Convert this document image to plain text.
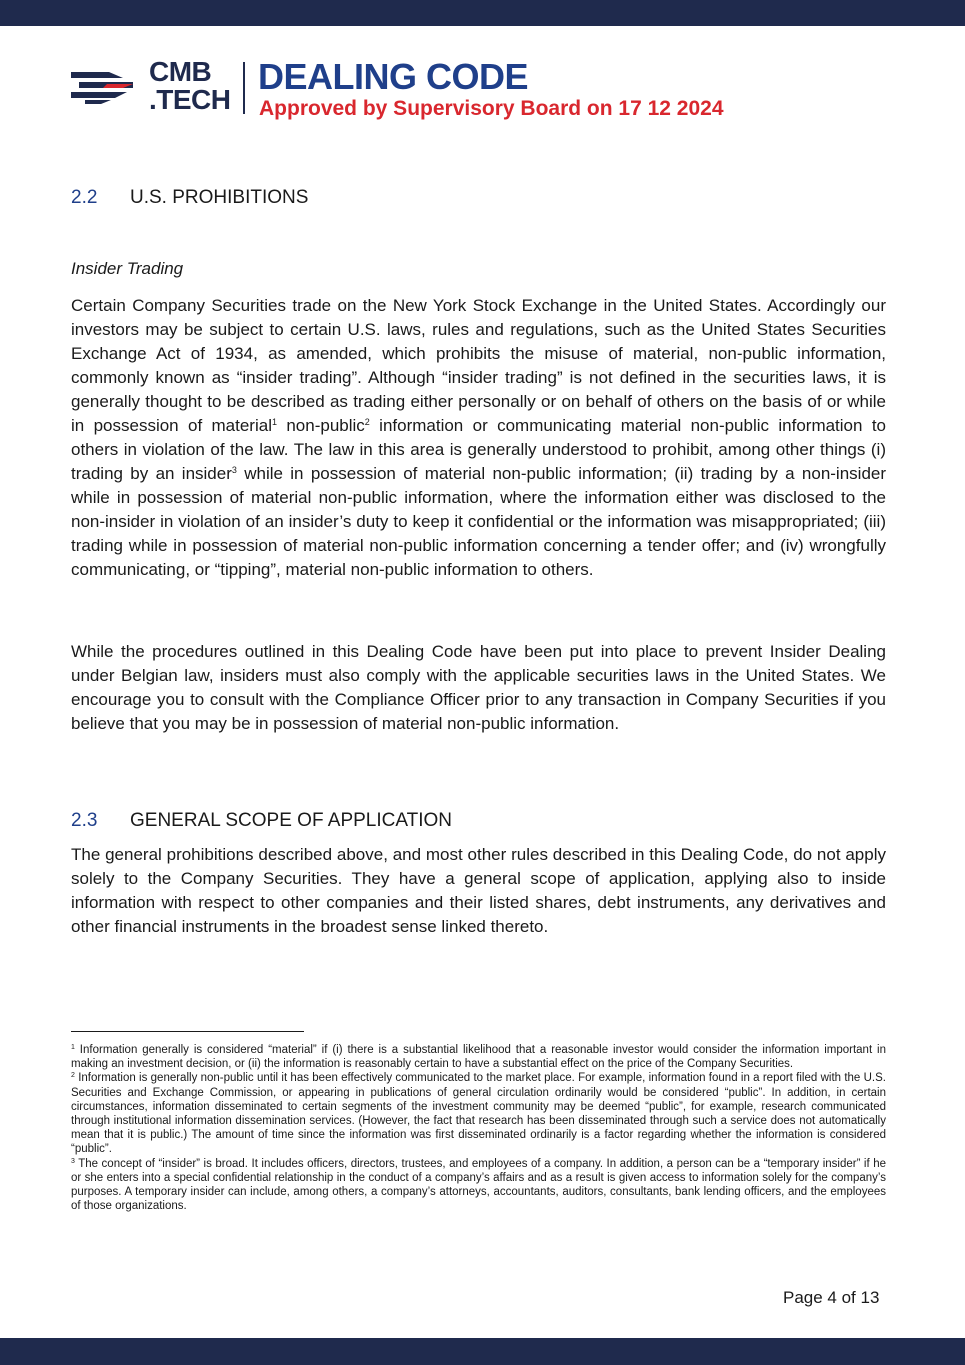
CMB
.TECH
DEALING CODE
Approved by Supervisory Board on 17 12 2024
2.2 U.S. PROHIBITIONS
Insider Trading

Certain Company Securities trade on the New York Stock Exchange in the United States. Accordingly our investors may be subject to certain U.S. laws, rules and regulations, such as the United States Securities Exchange Act of 1934, as amended, which prohibits the misuse of material, non-public information, commonly known as “insider trading”. Although “insider trading” is not defined in the securities laws, it is generally thought to be described as trading either personally or on behalf of others on the basis of or while in possession of material$^1$ non-public$^2$ information or communicating material non-public information to others in violation of the law. The law in this area is generally understood to prohibit, among other things (i) trading by an insider$^3$ while in possession of material non-public information; (ii) trading by a non-insider while in possession of material non-public information, where the information either was disclosed to the non-insider in violation of an insider’s duty to keep it confidential or the information was misappropriated; (iii) trading while in possession of material non-public information concerning a tender offer; and (iv) wrongfully communicating, or “tipping”, material non-public information to others.

While the procedures outlined in this Dealing Code have been put into place to prevent Insider Dealing under Belgian law, insiders must also comply with the applicable securities laws in the United States. We encourage you to consult with the Compliance Officer prior to any transaction in Company Securities if you believe that you may be in possession of material non-public information.

2.3 GENERAL SCOPE OF APPLICATION

The general prohibitions described above, and most other rules described in this Dealing Code, do not apply solely to the Company Securities. They have a general scope of application, applying also to inside information with respect to other companies and their listed shares, debt instruments, any derivatives and other financial instruments in the broadest sense linked thereto.

$^1$ Information generally is considered “material” if (i) there is a substantial likelihood that a reasonable investor would consider the information important in making an investment decision, or (ii) the information is reasonably certain to have a substantial effect on the price of the Company Securities.

$^2$ Information is generally non-public until it has been effectively communicated to the market place. For example, information found in a report filed with the U.S. Securities and Exchange Commission, or appearing in publications of general circulation ordinarily would be considered “public”. In addition, in certain circumstances, information disseminated to certain segments of the investment community may be deemed “public”, for example, research communicated through institutional information dissemination services. (However, the fact that research has been disseminated through such a service does not automatically mean that it is public.) The amount of time since the information was first disseminated ordinarily is a factor regarding whether the information is considered “public”.

$^3$ The concept of “insider” is broad. It includes officers, directors, trustees, and employees of a company. In addition, a person can be a “temporary insider” if he or she enters into a special confidential relationship in the conduct of a company’s affairs and as a result is given access to information solely for the company’s purposes. A temporary insider can include, among others, a company’s attorneys, accountants, auditors, consultants, bank lending officers, and the employees of those organizations.

Page 4 of 13
